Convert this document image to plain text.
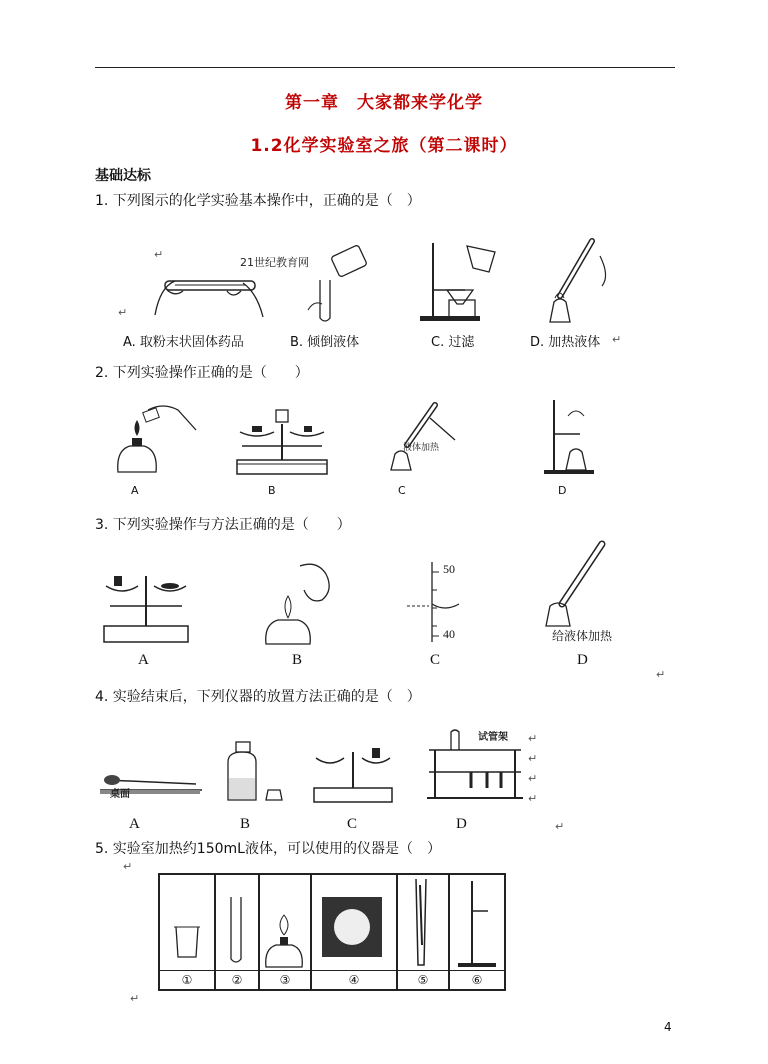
第一章　大家都来学化学
1.2化学实验室之旅（第二课时）
基础达标
1. 下列图示的化学实验基本操作中，正确的是（　）
21世纪教育网
↵
↵
A. 取粉末状固体药品	B. 倾倒液体	C. 过滤	D. 加热液体 ↵
2. 下列实验操作正确的是（　　）
液体加热
A	B	C	D
3. 下列实验操作与方法正确的是（　　）
50
40	给液体加热
A	B	C	D
↵
4. 实验结束后，下列仪器的放置方法正确的是（　）
桌面
试管架 ↵
↵
↵
↵
A	B	C	D	↵
5. 实验室加热约150mL液体，可以使用的仪器是（　）
↵
①	②	③	④	⑤	⑥
↵
4
